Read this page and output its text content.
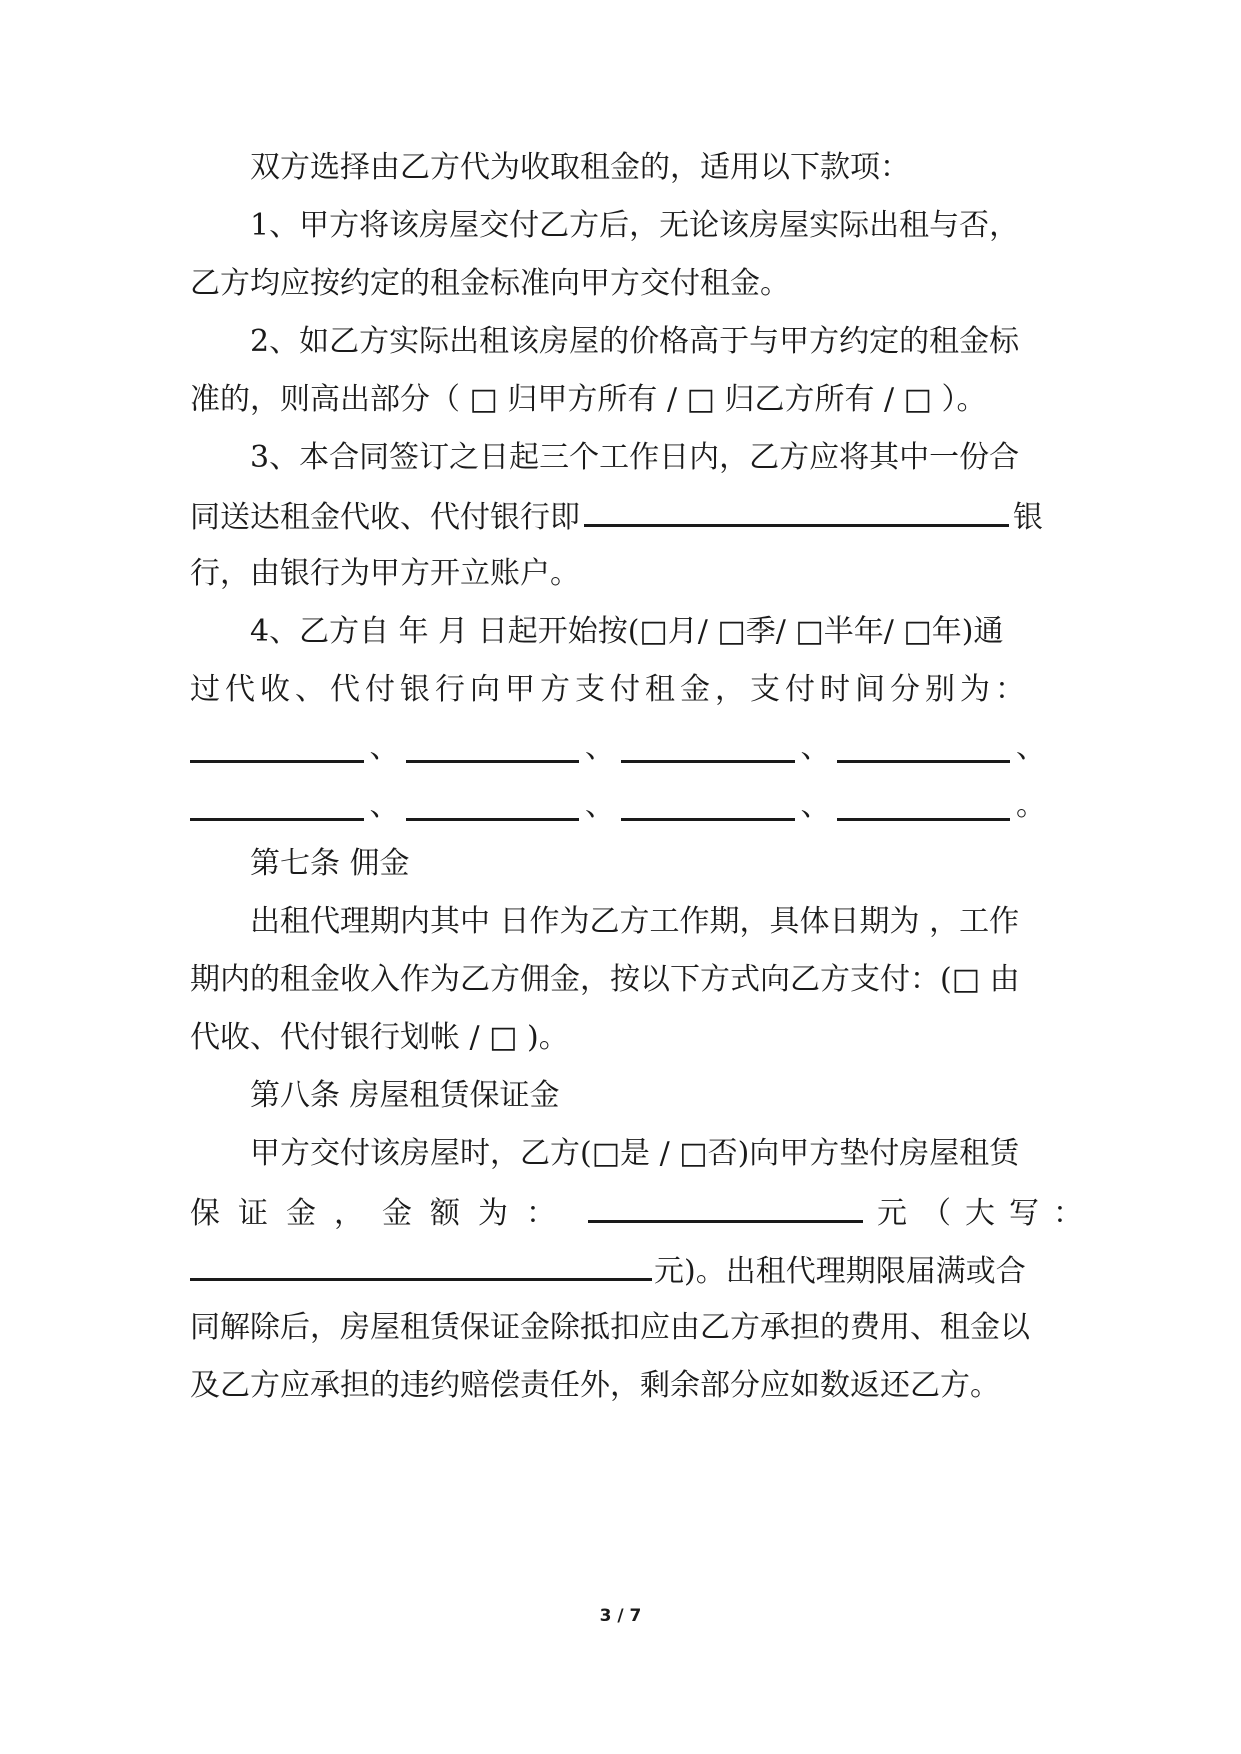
双方选择由乙方代为收取租金的，适用以下款项：
1、甲方将该房屋交付乙方后，无论该房屋实际出租与否，
乙方均应按约定的租金标准向甲方交付租金。
2、如乙方实际出租该房屋的价格高于与甲方约定的租金标
准的，则高出部分（ □ 归甲方所有 / □ 归乙方所有 / □ ）。
3、本合同签订之日起三个工作日内，乙方应将其中一份合
同送达租金代收、代付银行即	银
行，由银行为甲方开立账户。
4、乙方自 年 月 日起开始按(□月/ □季/ □半年/ □年)通
过代收、代付银行向甲方支付租金，支付时间分别为：
、	、	、	、
、	、	、	。
第七条 佣金
出租代理期内其中 日作为乙方工作期，具体日期为 ，工作
期内的租金收入作为乙方佣金，按以下方式向乙方支付：(□ 由
代收、代付银行划帐 / □ )。
第八条 房屋租赁保证金
甲方交付该房屋时，乙方(□是 / □否)向甲方垫付房屋租赁
保证金，金额为：	元（大写：
元)。出租代理期限届满或合
同解除后，房屋租赁保证金除抵扣应由乙方承担的费用、租金以
及乙方应承担的违约赔偿责任外，剩余部分应如数返还乙方。
3 / 7
